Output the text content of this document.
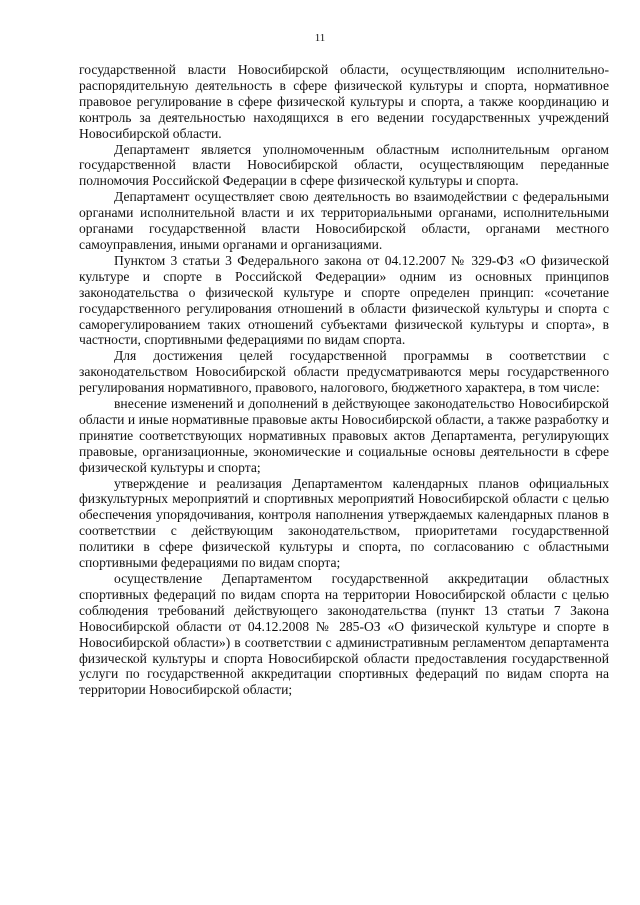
11

государственной власти Новосибирской области, осуществляющим исполнительно-распорядительную деятельность в сфере физической культуры и спорта, нормативное правовое регулирование в сфере физической культуры и спорта, а также координацию и контроль за деятельностью находящихся в его ведении государственных учреждений Новосибирской области.

Департамент является уполномоченным областным исполнительным органом государственной власти Новосибирской области, осуществляющим переданные полномочия Российской Федерации в сфере физической культуры и спорта.

Департамент осуществляет свою деятельность во взаимодействии с федеральными органами исполнительной власти и их территориальными органами, исполнительными органами государственной власти Новосибирской области, органами местного самоуправления, иными органами и организациями.

Пунктом 3 статьи 3 Федерального закона от 04.12.2007 № 329-ФЗ «О физической культуре и спорте в Российской Федерации» одним из основных принципов законодательства о физической культуре и спорте определен принцип: «сочетание государственного регулирования отношений в области физической культуры и спорта с саморегулированием таких отношений субъектами физической культуры и спорта», в частности, спортивными федерациями по видам спорта.

Для достижения целей государственной программы в соответствии с законодательством Новосибирской области предусматриваются меры государственного регулирования нормативного, правового, налогового, бюджетного характера, в том числе:

внесение изменений и дополнений в действующее законодательство Новосибирской области и иные нормативные правовые акты Новосибирской области, а также разработку и принятие соответствующих нормативных правовых актов Департамента, регулирующих правовые, организационные, экономические и социальные основы деятельности в сфере физической культуры и спорта;

утверждение и реализация Департаментом календарных планов официальных физкультурных мероприятий и спортивных мероприятий Новосибирской области с целью обеспечения упорядочивания, контроля наполнения утверждаемых календарных планов в соответствии с действующим законодательством, приоритетами государственной политики в сфере физической культуры и спорта, по согласованию с областными спортивными федерациями по видам спорта;

осуществление Департаментом государственной аккредитации областных спортивных федераций по видам спорта на территории Новосибирской области с целью соблюдения требований действующего законодательства (пункт 13 статьи 7 Закона Новосибирской области от 04.12.2008 № 285-ОЗ «О физической культуре и спорте в Новосибирской области») в соответствии с административным регламентом департамента физической культуры и спорта Новосибирской области предоставления государственной услуги по государственной аккредитации спортивных федераций по видам спорта на территории Новосибирской области;
